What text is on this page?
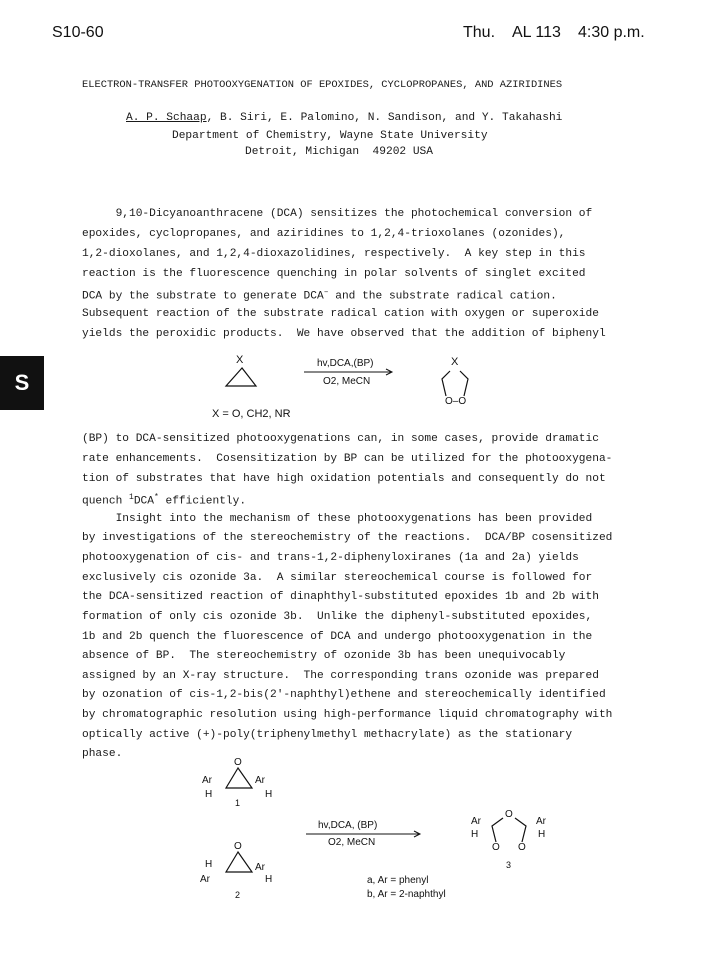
S10-60	Thu. AL 113 4:30 p.m.
ELECTRON-TRANSFER PHOTOOXYGENATION OF EPOXIDES, CYCLOPROPANES, AND AZIRIDINES
A. P. Schaap, B. Siri, E. Palomino, N. Sandison, and Y. Takahashi
Department of Chemistry, Wayne State University
Detroit, Michigan  49202 USA
9,10-Dicyanoanthracene (DCA) sensitizes the photochemical conversion of
epoxides, cyclopropanes, and aziridines to 1,2,4-trioxolanes (ozonides),
1,2-dioxolanes, and 1,2,4-dioxazolidines, respectively.  A key step in this
reaction is the fluorescence quenching in polar solvents of singlet excited
DCA by the substrate to generate DCA– and the substrate radical cation.
Subsequent reaction of the substrate radical cation with oxygen or superoxide
yields the peroxidic products.  We have observed that the addition of biphenyl
S
X	hv,DCA,(BP)
O2, MeCN
X
O–O
X = O, CH2, NR
(BP) to DCA-sensitized photooxygenations can, in some cases, provide dramatic
rate enhancements.  Cosensitization by BP can be utilized for the photooxygena-
tion of substrates that have high oxidation potentials and consequently do not
quench $^1$DCA* efficiently.
Insight into the mechanism of these photooxygenations has been provided
by investigations of the stereochemistry of the reactions.  DCA/BP cosensitized
photooxygenation of cis- and trans-1,2-diphenyloxiranes (1a and 2a) yields
exclusively cis ozonide 3a.  A similar stereochemical course is followed for
the DCA-sensitized reaction of dinaphthyl-substituted epoxides 1b and 2b with
formation of only cis ozonide 3b.  Unlike the diphenyl-substituted epoxides,
1b and 2b quench the fluorescence of DCA and undergo photooxygenation in the
absence of BP.  The stereochemistry of ozonide 3b has been unequivocably
assigned by an X-ray structure.  The corresponding trans ozonide was prepared
by ozonation of cis-1,2-bis(2'-naphthyl)ethene and stereochemically identified
by chromatographic resolution using high-performance liquid chromatography with
optically active (+)-poly(triphenylmethyl methacrylate) as the stationary
phase.
O
Ar	Ar
H	H
1
O
H	Ar
Ar	H
2
hv,DCA, (BP)
O2, MeCN
O
Ar	Ar
H	H
O O
3
a, Ar = phenyl
b, Ar = 2-naphthyl
